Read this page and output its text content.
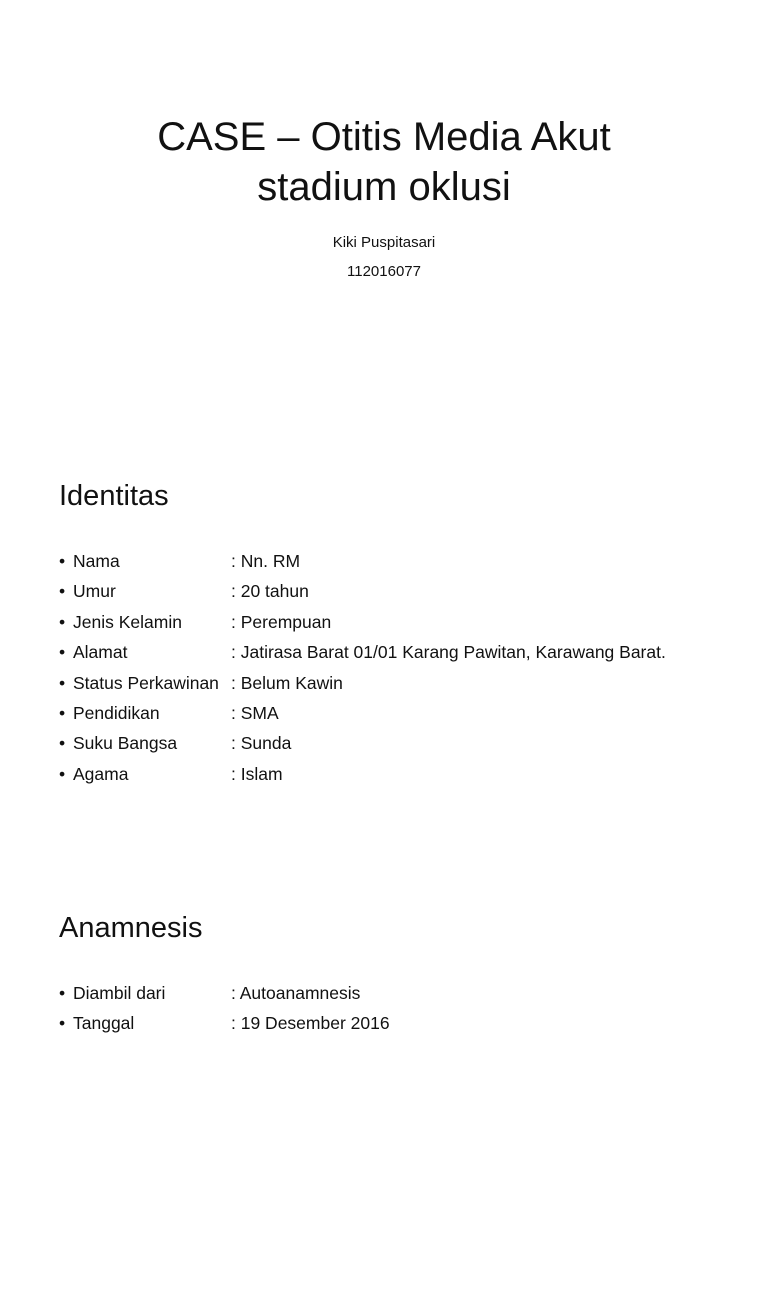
CASE – Otitis Media Akut
stadium oklusi
Kiki Puspitasari
112016077
Identitas
• Nama	: Nn. RM
• Umur	: 20 tahun
• Jenis Kelamin	: Perempuan
• Alamat	: Jatirasa Barat 01/01 Karang Pawitan, Karawang Barat.
• Status Perkawinan : Belum Kawin
• Pendidikan	: SMA
• Suku Bangsa	: Sunda
• Agama	: Islam
Anamnesis
• Diambil dari	: Autoanamnesis
• Tanggal	: 19 Desember 2016
